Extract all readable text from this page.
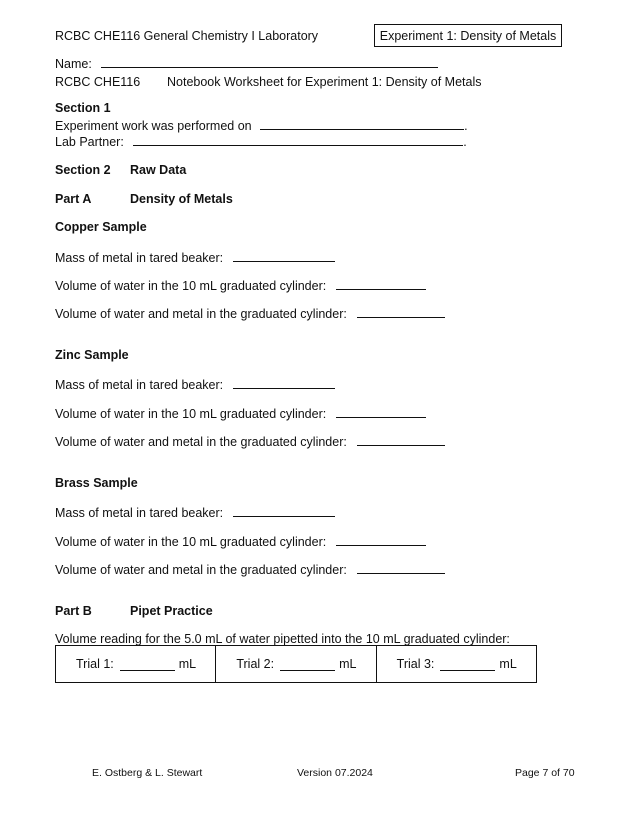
RCBC CHE116 General Chemistry I Laboratory	Experiment 1: Density of Metals
Name:
RCBC CHE116 Notebook Worksheet for Experiment 1: Density of Metals
Section 1
Experiment work was performed on	.
Lab Partner:	.
Section 2 Raw Data
Part A	Density of Metals
Copper Sample
Mass of metal in tared beaker:
Volume of water in the 10 mL graduated cylinder:
Volume of water and metal in the graduated cylinder:
Zinc Sample
Mass of metal in tared beaker:
Volume of water in the 10 mL graduated cylinder:
Volume of water and metal in the graduated cylinder:
Brass Sample
Mass of metal in tared beaker:
Volume of water in the 10 mL graduated cylinder:
Volume of water and metal in the graduated cylinder:
Part B	Pipet Practice
Volume reading for the 5.0 mL of water pipetted into the 10 mL graduated cylinder:
Trial 1:	mL	Trial 2:	mL	Trial 3:	mL
E. Ostberg & L. Stewart	Version 07.2024	Page 7 of 70
